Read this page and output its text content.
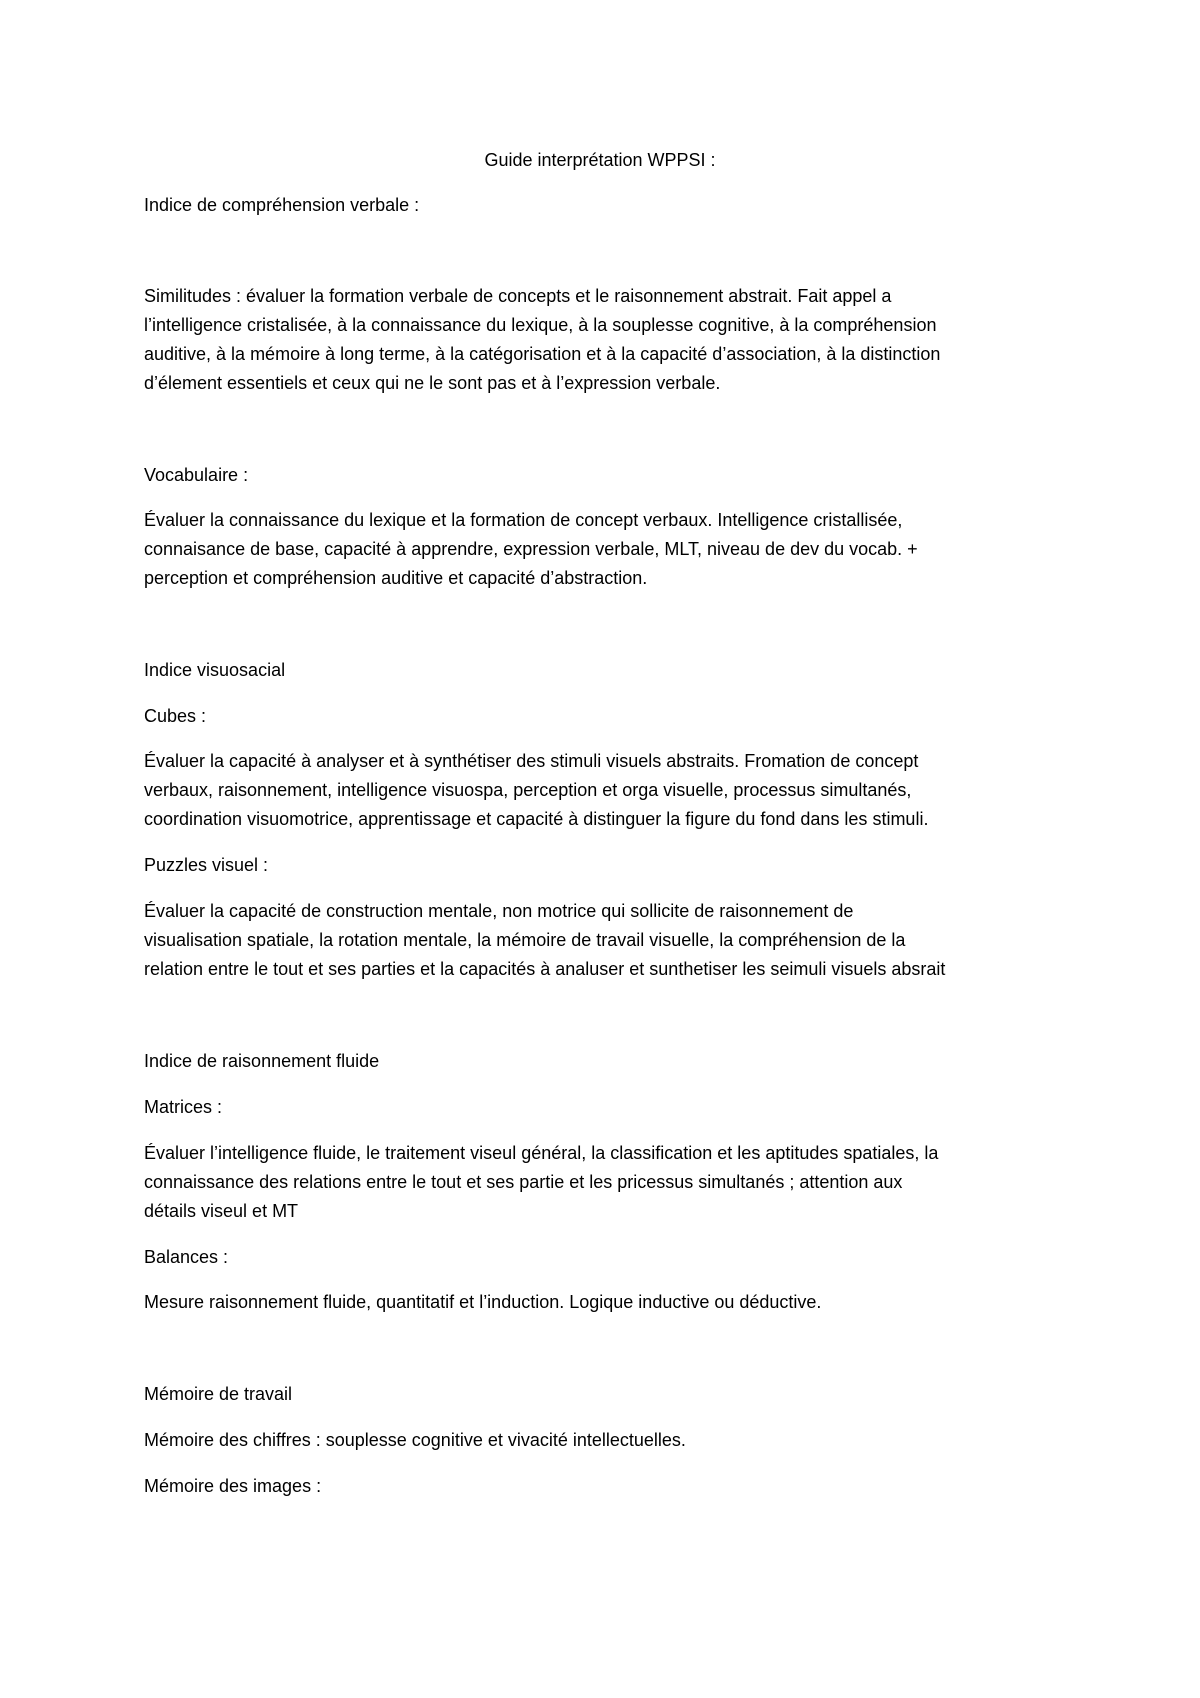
Guide interprétation WPPSI :

Indice de compréhension verbale :

Similitudes : évaluer la formation verbale de concepts et le raisonnement abstrait. Fait appel a

l’intelligence cristalisée, à la connaissance du lexique, à la souplesse cognitive, à la compréhension

auditive, à la mémoire à long terme, à la catégorisation et à la capacité d’association, à la distinction

d’élement essentiels et ceux qui ne le sont pas et à l’expression verbale.

Vocabulaire :

Évaluer la connaissance du lexique et la formation de concept verbaux. Intelligence cristallisée,

connaisance de base, capacité à apprendre, expression verbale, MLT, niveau de dev du vocab. +

perception et compréhension auditive et capacité d’abstraction.

Indice visuosacial

Cubes :

Évaluer la capacité à analyser et à synthétiser des stimuli visuels abstraits. Fromation de concept

verbaux, raisonnement, intelligence visuospa, perception et orga visuelle, processus simultanés,

coordination visuomotrice, apprentissage et capacité à distinguer la figure du fond dans les stimuli.

Puzzles visuel :

Évaluer la capacité de construction mentale, non motrice qui sollicite de raisonnement de

visualisation spatiale, la rotation mentale, la mémoire de travail visuelle, la compréhension de la

relation entre le tout et ses parties et la capacités à analuser et sunthetiser les seimuli visuels absrait

Indice de raisonnement fluide

Matrices :

Évaluer l’intelligence fluide, le traitement viseul général, la classification et les aptitudes spatiales, la

connaissance des relations entre le tout et ses partie et les pricessus simultanés ; attention aux

détails viseul et MT

Balances :

Mesure raisonnement fluide, quantitatif et l’induction. Logique inductive ou déductive.

Mémoire de travail

Mémoire des chiffres : souplesse cognitive et vivacité intellectuelles.

Mémoire des images :
